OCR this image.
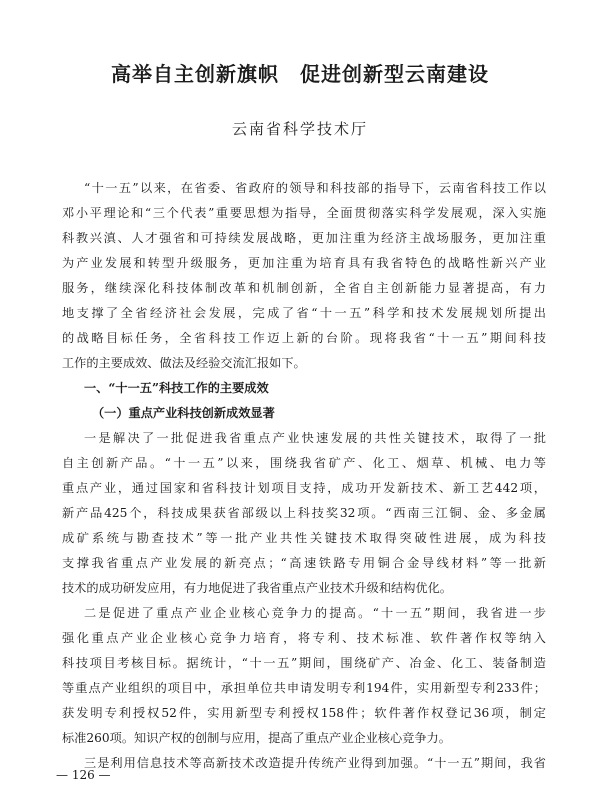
高举自主创新旗帜　促进创新型云南建设
云南省科学技术厅
“十一五”以来，在省委、省政府的领导和科技部的指导下，云南省科技工作以
邓小平理论和“三个代表”重要思想为指导，全面贯彻落实科学发展观，深入实施
科教兴滇、人才强省和可持续发展战略，更加注重为经济主战场服务，更加注重
为产业发展和转型升级服务，更加注重为培育具有我省特色的战略性新兴产业
服务，继续深化科技体制改革和机制创新，全省自主创新能力显著提高，有力
地支撑了全省经济社会发展，完成了省“十一五”科学和技术发展规划所提出
的战略目标任务，全省科技工作迈上新的台阶。现将我省“十一五”期间科技
工作的主要成效、做法及经验交流汇报如下。
一、“十一五”科技工作的主要成效
（一）重点产业科技创新成效显著
一是解决了一批促进我省重点产业快速发展的共性关键技术，取得了一批
自主创新产品。“十一五”以来，围绕我省矿产、化工、烟草、机械、电力等
重点产业，通过国家和省科技计划项目支持，成功开发新技术、新工艺442项，
新产品425个，科技成果获省部级以上科技奖32项。“西南三江铜、金、多金属
成矿系统与勘查技术”等一批产业共性关键技术取得突破性进展，成为科技
支撑我省重点产业发展的新亮点；“高速铁路专用铜合金导线材料”等一批新
技术的成功研发应用，有力地促进了我省重点产业技术升级和结构优化。
二是促进了重点产业企业核心竞争力的提高。“十一五”期间，我省进一步
强化重点产业企业核心竞争力培育，将专利、技术标准、软件著作权等纳入
科技项目考核目标。据统计，“十一五”期间，围绕矿产、冶金、化工、装备制造
等重点产业组织的项目中，承担单位共申请发明专利194件，实用新型专利233件；
获发明专利授权52件，实用新型专利授权158件；软件著作权登记36项，制定
标准260项。知识产权的创制与应用，提高了重点产业企业核心竞争力。
三是利用信息技术等高新技术改造提升传统产业得到加强。“十一五”期间，我省
— 126 —
